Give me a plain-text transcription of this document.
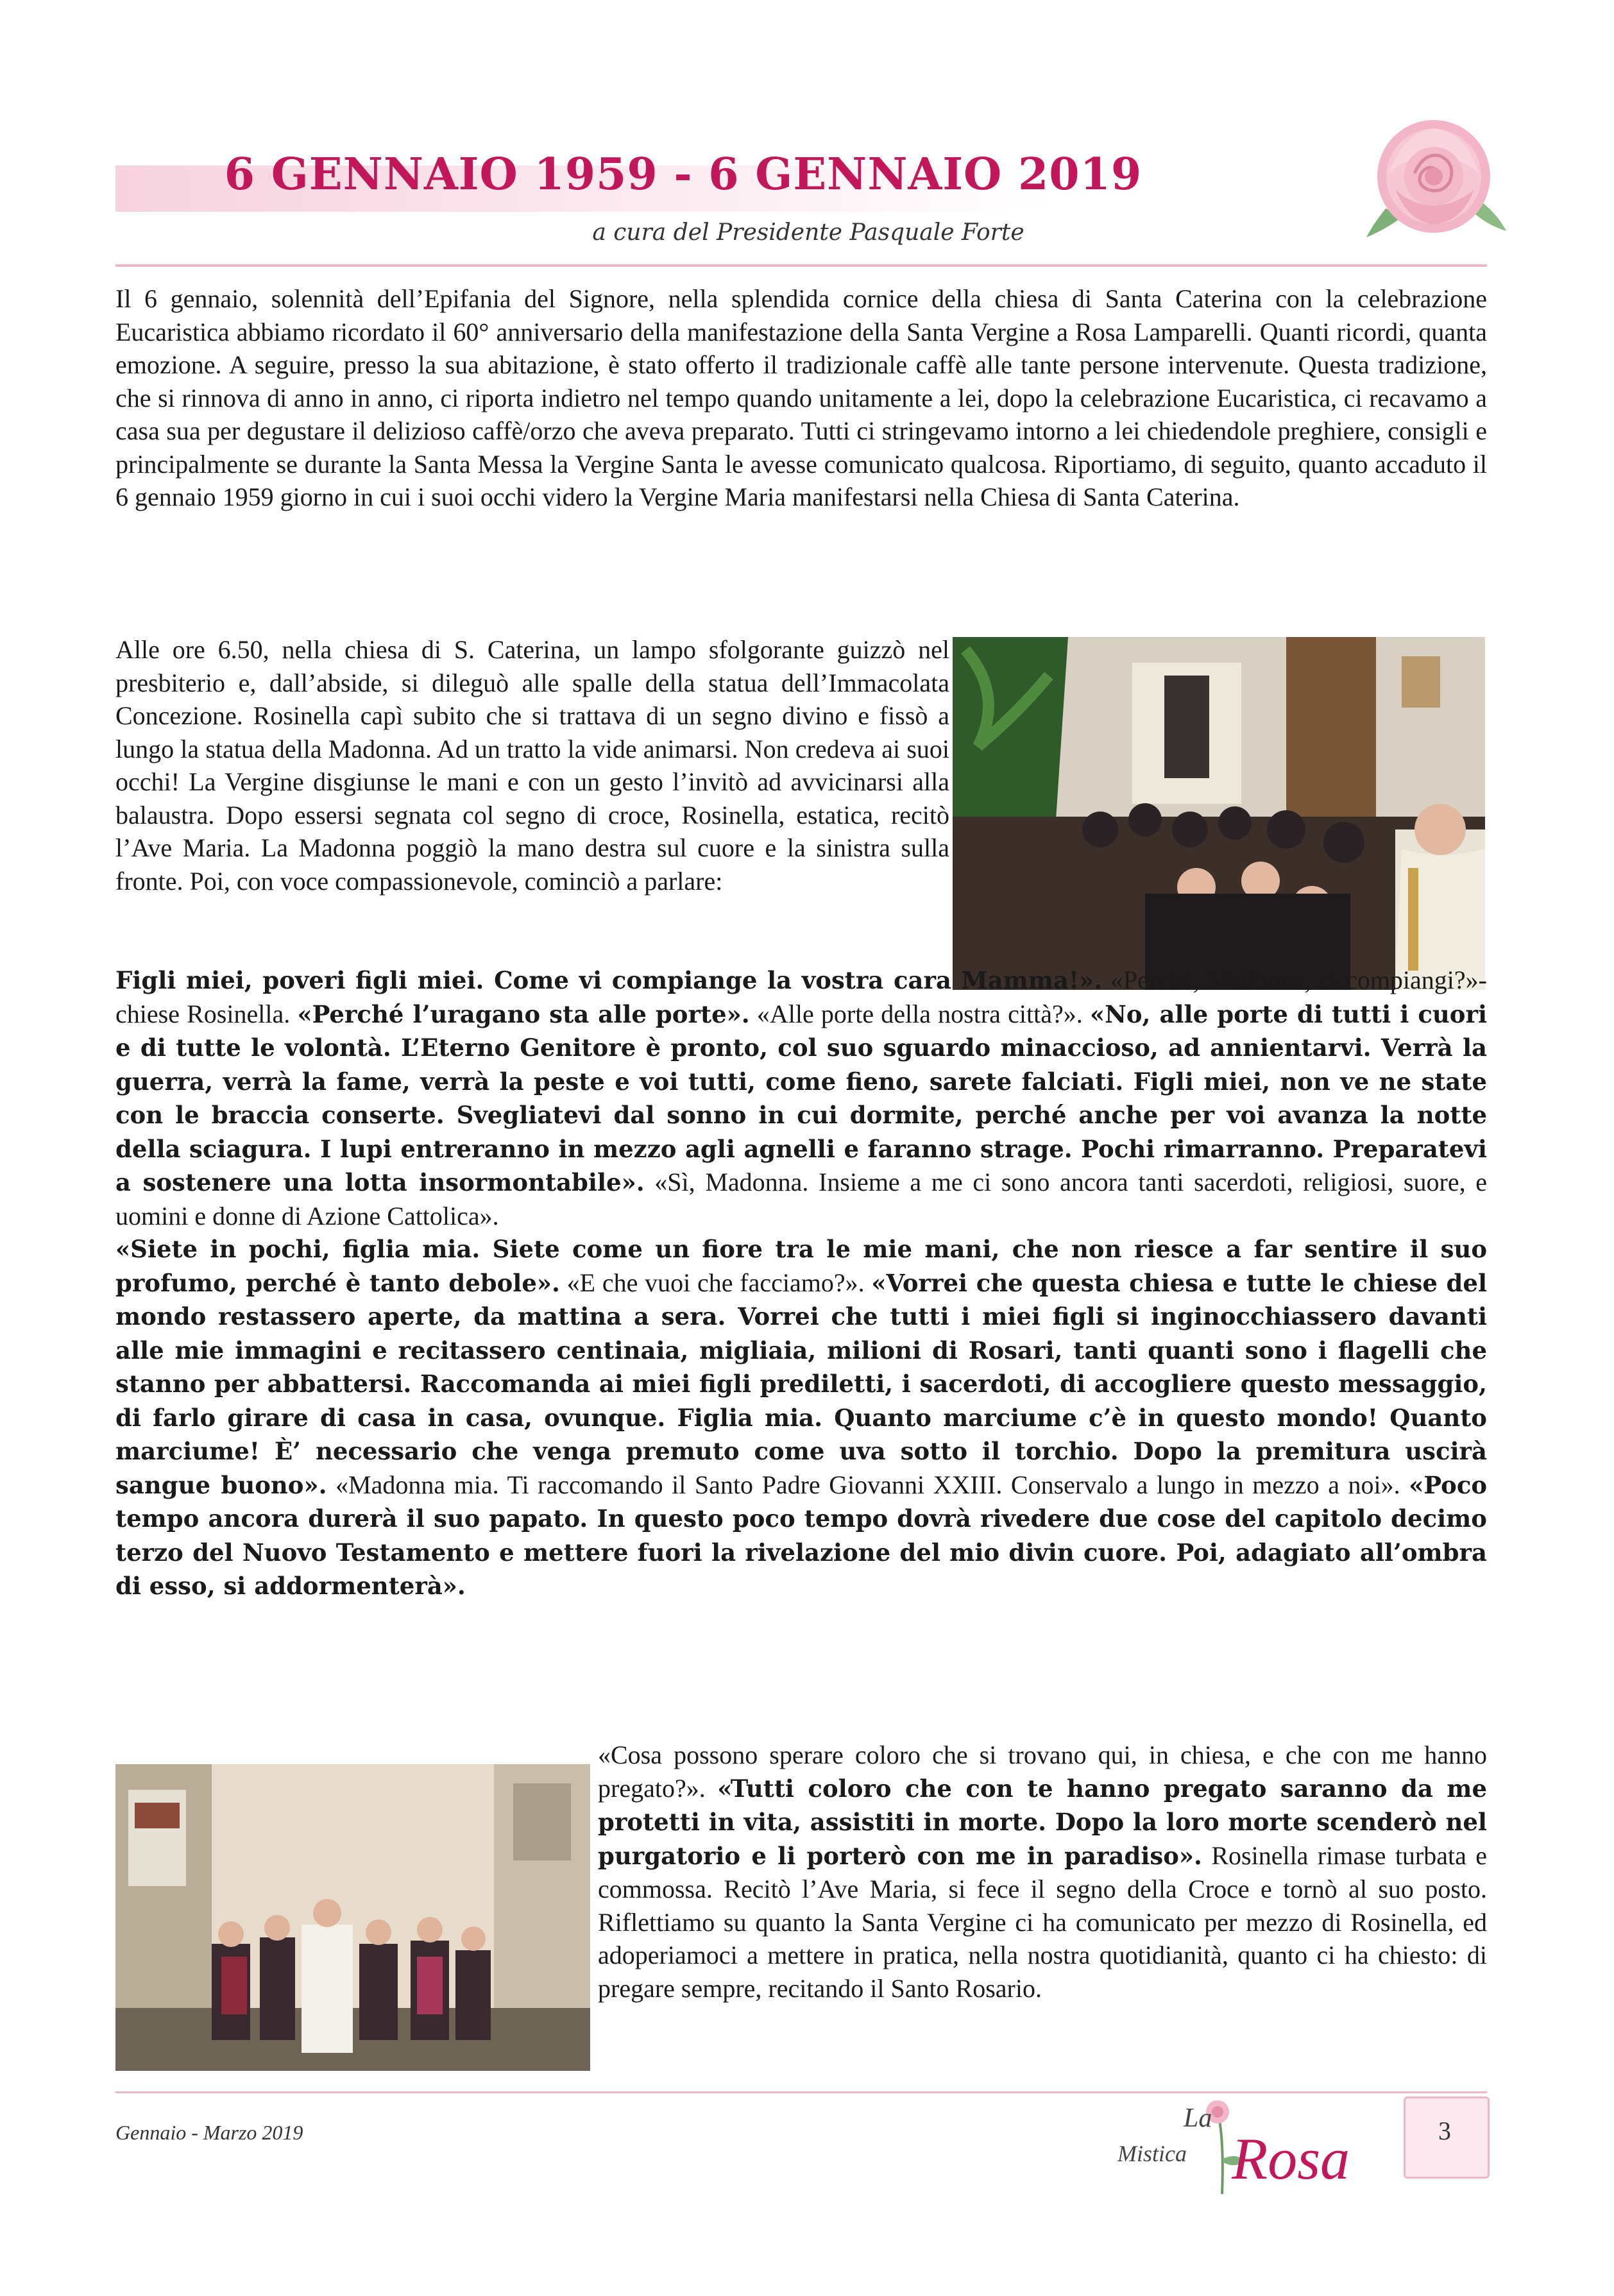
6 GENNAIO 1959 - 6 GENNAIO 2019
a cura del Presidente Pasquale Forte

Il 6 gennaio, solennità dell’Epifania del Signore, nella splendida cornice della chiesa di Santa Caterina con la celebrazione Eucaristica abbiamo ricordato il 60° anniversario della manifestazione della Santa Vergine a Rosa Lamparelli. Quanti ricordi, quanta emozione. A seguire, presso la sua abitazione, è stato offerto il tradizionale caffè alle tante persone intervenute. Questa tradizione, che si rinnova di anno in anno, ci riporta indietro nel tempo quando unitamente a lei, dopo la celebrazione Eucaristica, ci recavamo a casa sua per degustare il delizioso caffè/orzo che aveva preparato. Tutti ci stringevamo intorno a lei chiedendole preghiere, consigli e principalmente se durante la Santa Messa la Vergine Santa le avesse comunicato qualcosa. Riportiamo, di seguito, quanto accaduto il 6 gennaio 1959 giorno in cui i suoi occhi videro la Vergine Maria manifestarsi nella Chiesa di Santa Caterina.

Alle ore 6.50, nella chiesa di S. Caterina, un lampo sfolgorante guizzò nel presbiterio e, dall’abside, si dileguò alle spalle della statua dell’Immacolata Concezione. Rosinella capì subito che si trattava di un segno divino e fissò a lungo la statua della Madonna. Ad un tratto la vide animarsi. Non credeva ai suoi occhi! La Vergine disgiunse le mani e con un gesto l’invitò ad avvicinarsi alla balaustra. Dopo essersi segnata col segno di croce, Rosinella, estatica, recitò l’Ave Maria. La Madonna poggiò la mano destra sul cuore e la sinistra sulla fronte. Poi, con voce compassionevole, cominciò a parlare:

Figli miei, poveri figli miei. Come vi compiange la vostra cara Mamma!». «Perché, Madonna, ci compiangi?»- chiese Rosinella. «Perché l’uragano sta alle porte». «Alle porte della nostra città?». «No, alle porte di tutti i cuori e di tutte le volontà. L’Eterno Genitore è pronto, col suo sguardo minaccioso, ad annientarvi. Verrà la guerra, verrà la fame, verrà la peste e voi tutti, come fieno, sarete falciati. Figli miei, non ve ne state con le braccia conserte. Svegliatevi dal sonno in cui dormite, perché anche per voi avanza la notte della sciagura. I lupi entreranno in mezzo agli agnelli e faranno strage. Pochi rimarranno. Preparatevi a sostenere una lotta insormontabile». «Sì, Madonna. Insieme a me ci sono ancora tanti sacerdoti, religiosi, suore, e uomini e donne di Azione Cattolica».

«Siete in pochi, figlia mia. Siete come un fiore tra le mie mani, che non riesce a far sentire il suo profumo, perché è tanto debole». «E che vuoi che facciamo?». «Vorrei che questa chiesa e tutte le chiese del mondo restassero aperte, da mattina a sera. Vorrei che tutti i miei figli si inginocchiassero davanti alle mie immagini e recitassero centinaia, migliaia, milioni di Rosari, tanti quanti sono i flagelli che stanno per abbattersi. Raccomanda ai miei figli prediletti, i sacerdoti, di accogliere questo messaggio, di farlo girare di casa in casa, ovunque. Figlia mia. Quanto marciume c’è in questo mondo! Quanto marciume! È’ necessario che venga premuto come uva sotto il torchio. Dopo la premitura uscirà sangue buono». «Madonna mia. Ti raccomando il Santo Padre Giovanni XXIII. Conservalo a lungo in mezzo a noi». «Poco tempo ancora durerà il suo papato. In questo poco tempo dovrà rivedere due cose del capitolo decimo terzo del Nuovo Testamento e mettere fuori la rivelazione del mio divin cuore. Poi, adagiato all’ombra di esso, si addormenterà».

«Cosa possono sperare coloro che si trovano qui, in chiesa, e che con me hanno pregato?». «Tutti coloro che con te hanno pregato saranno da me protetti in vita, assistiti in morte. Dopo la loro morte scenderò nel purgatorio e li porterò con me in paradiso». Rosinella rimase turbata e commossa. Recitò l’Ave Maria, si fece il segno della Croce e tornò al suo posto. Riflettiamo su quanto la Santa Vergine ci ha comunicato per mezzo di Rosinella, ed adoperiamoci a mettere in pratica, nella nostra quotidianità, quanto ci ha chiesto: di pregare sempre, recitando il Santo Rosario.

Gennaio - Marzo 2019	La
Mistica Rosa	3
